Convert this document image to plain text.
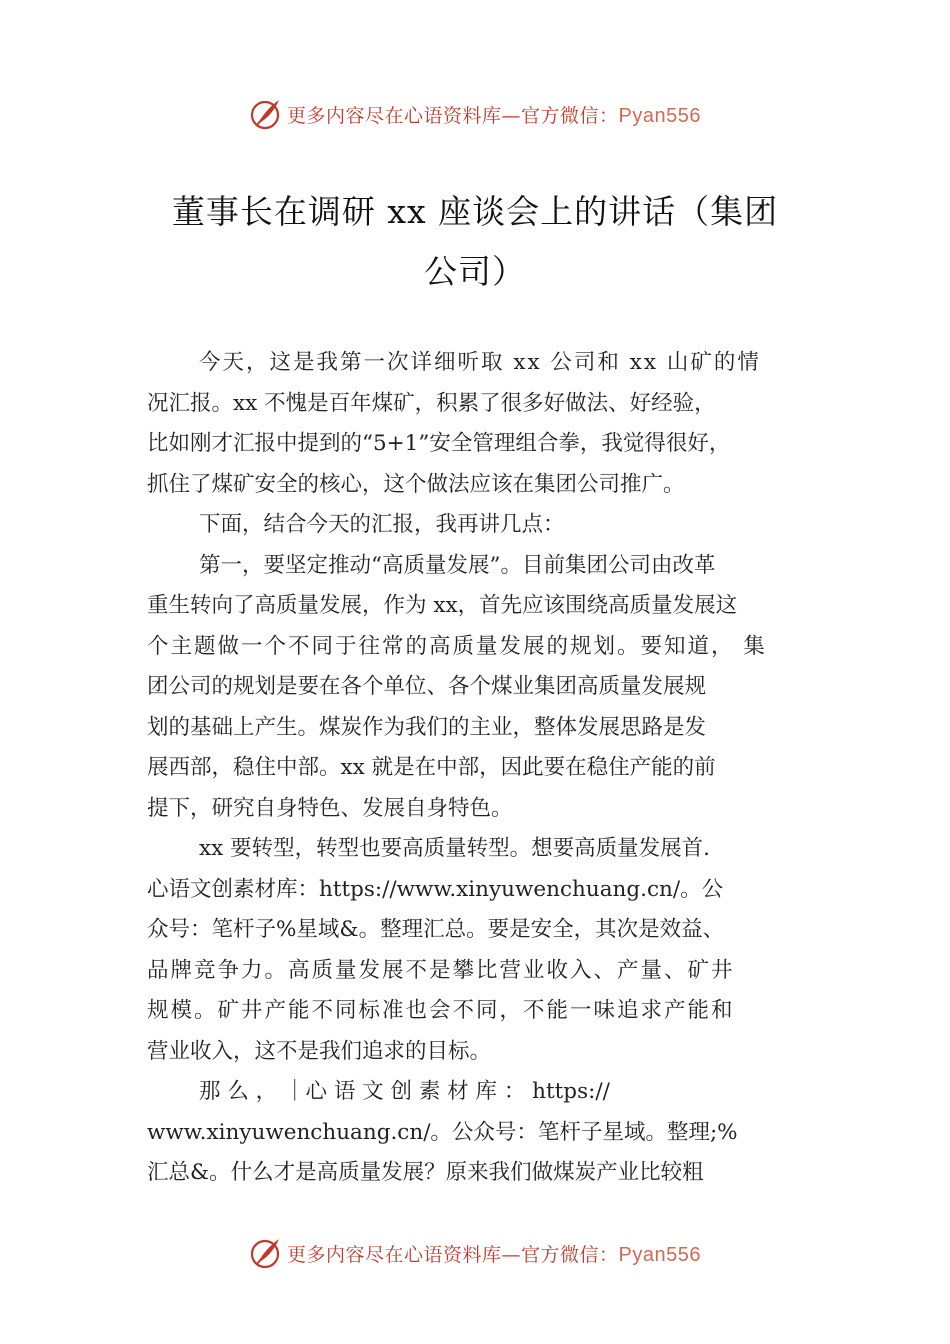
更多内容尽在心语资料库—官方微信：Pyan556
董事长在调研 xx 座谈会上的讲话（集团
公司）
今天，这是我第一次详细听取 xx 公司和 xx 山矿的情
况汇报。xx 不愧是百年煤矿，积累了很多好做法、好经验，
比如刚才汇报中提到的“5+1”安全管理组合拳，我觉得很好，
抓住了煤矿安全的核心，这个做法应该在集团公司推广。
下面，结合今天的汇报，我再讲几点：
第一，要坚定推动“高质量发展”。目前集团公司由改革
重生转向了高质量发展，作为 xx，首先应该围绕高质量发展这
个主题做一个不同于往常的高质量发展的规划。要知道， 集
团公司的规划是要在各个单位、各个煤业集团高质量发展规
划的基础上产生。煤炭作为我们的主业，整体发展思路是发
展西部，稳住中部。xx 就是在中部，因此要在稳住产能的前
提下，研究自身特色、发展自身特色。
xx 要转型，转型也要高质量转型。想要高质量发展首.
心语文创素材库：https://www.xinyuwenchuang.cn/。公
众号：笔杆子%星域&。整理汇总。要是安全，其次是效益、
品牌竞争力。高质量发展不是攀比营业收入、产量、矿井
规模。矿井产能不同标准也会不同，不能一味追求产能和
营业收入，这不是我们追求的目标。
那 么 ， ｜心 语 文 创 素 材 库 ： https://
www.xinyuwenchuang.cn/。公众号：笔杆子星域。整理;%
汇总&。什么才是高质量发展？原来我们做煤炭产业比较粗
更多内容尽在心语资料库—官方微信：Pyan556
